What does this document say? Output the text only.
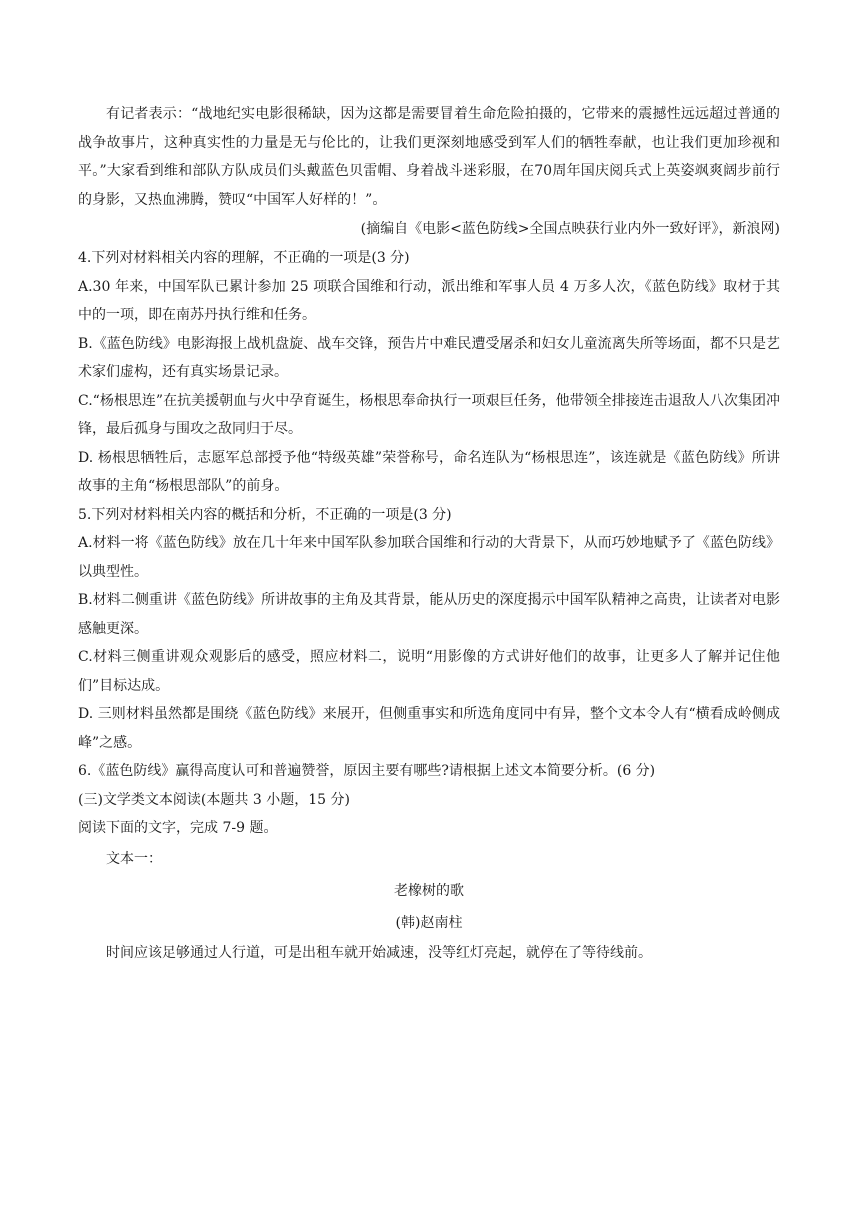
有记者表示：“战地纪实电影很稀缺，因为这都是需要冒着生命危险拍摄的，它带来的震撼性远远超过普通的战争故事片，这种真实性的力量是无与伦比的，让我们更深刻地感受到军人们的牺牲奉献，也让我们更加珍视和平。”大家看到维和部队方队成员们头戴蓝色贝雷帽、身着战斗迷彩服，在70周年国庆阅兵式上英姿飒爽阔步前行的身影，又热血沸腾，赞叹“中国军人好样的！”。

(摘编自《电影<蓝色防线>全国点映获行业内外一致好评》，新浪网)

4.下列对材料相关内容的理解，不正确的一项是(3 分)

A.30 年来，中国军队已累计参加 25 项联合国维和行动，派出维和军事人员 4 万多人次，《蓝色防线》取材于其中的一项，即在南苏丹执行维和任务。

B.《蓝色防线》电影海报上战机盘旋、战车交锋，预告片中难民遭受屠杀和妇女儿童流离失所等场面，都不只是艺术家们虚构，还有真实场景记录。

C.“杨根思连”在抗美援朝血与火中孕育诞生，杨根思奉命执行一项艰巨任务，他带领全排接连击退敌人八次集团冲锋，最后孤身与围攻之敌同归于尽。

D. 杨根思牺牲后，志愿军总部授予他“特级英雄”荣誉称号，命名连队为“杨根思连”，该连就是《蓝色防线》所讲故事的主角“杨根思部队”的前身。

5.下列对材料相关内容的概括和分析，不正确的一项是(3 分)

A.材料一将《蓝色防线》放在几十年来中国军队参加联合国维和行动的大背景下，从而巧妙地赋予了《蓝色防线》以典型性。

B.材料二侧重讲《蓝色防线》所讲故事的主角及其背景，能从历史的深度揭示中国军队精神之高贵，让读者对电影感触更深。

C.材料三侧重讲观众观影后的感受，照应材料二，说明“用影像的方式讲好他们的故事，让更多人了解并记住他们”目标达成。

D. 三则材料虽然都是围绕《蓝色防线》来展开，但侧重事实和所选角度同中有异，整个文本令人有“横看成岭侧成峰”之感。

6.《蓝色防线》赢得高度认可和普遍赞誉，原因主要有哪些?请根据上述文本简要分析。(6 分)

(三)文学类文本阅读(本题共 3 小题，15 分)

阅读下面的文字，完成 7-9 题。

文本一：

老橡树的歌

(韩)赵南柱

时间应该足够通过人行道，可是出租车就开始减速，没等红灯亮起，就停在了等待线前。
